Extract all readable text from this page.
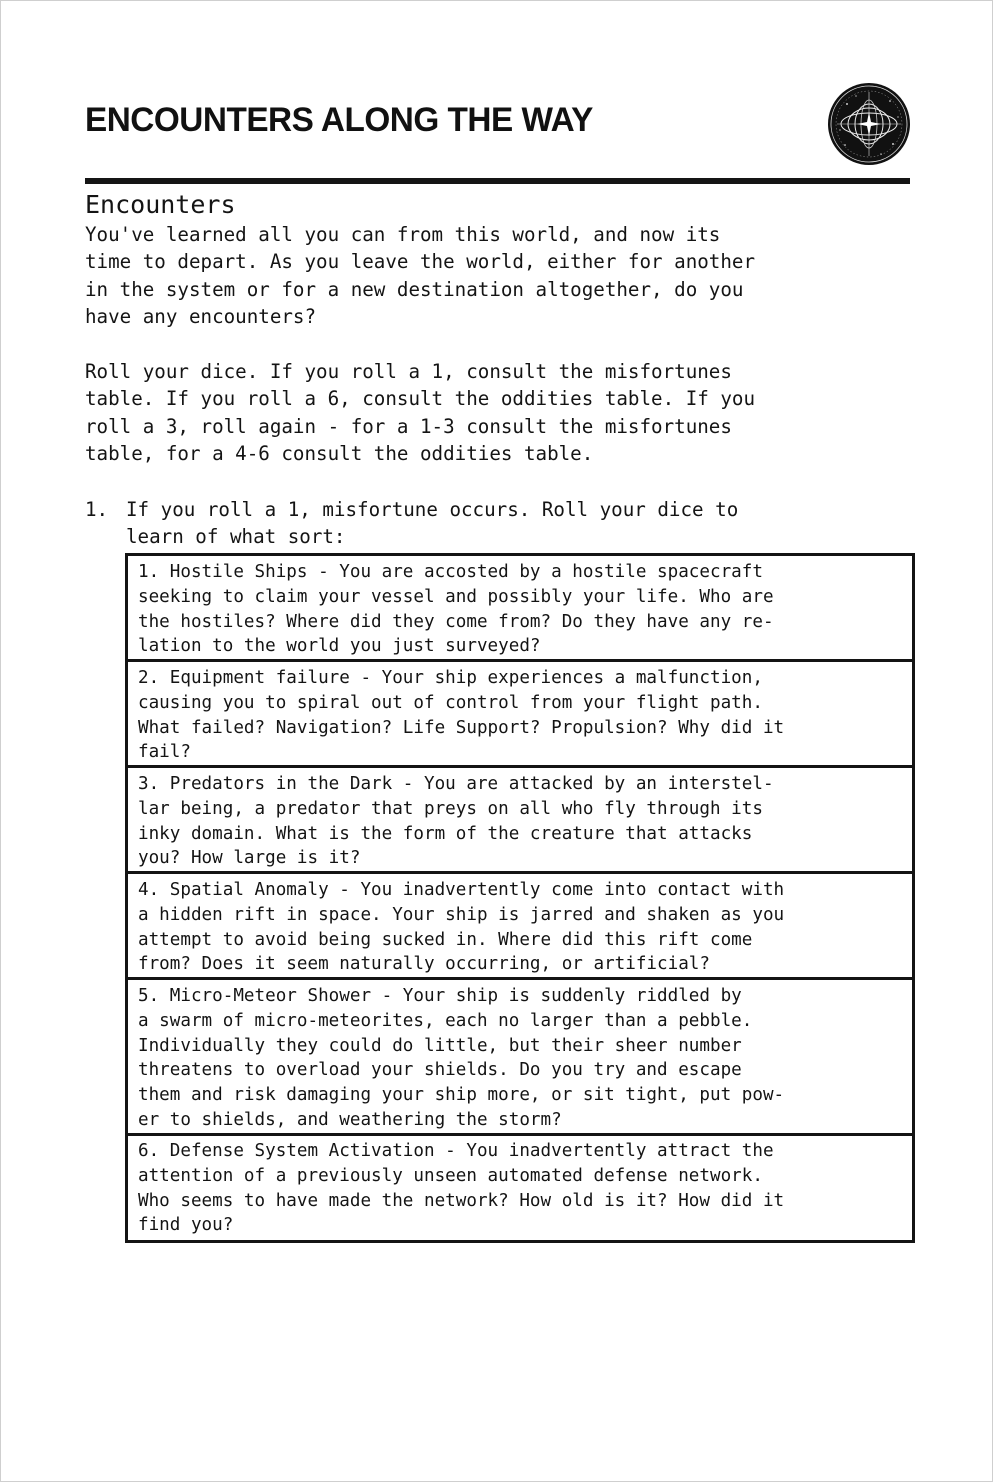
ENCOUNTERS ALONG THE WAY
Encounters

You've learned all you can from this world, and now its
time to depart. As you leave the world, either for another
in the system or for a new destination altogether, do you
have any encounters?

Roll your dice. If you roll a 1, consult the misfortunes
table. If you roll a 6, consult the oddities table. If you
roll a 3, roll again - for a 1-3 consult the misfortunes
table, for a 4-6 consult the oddities table.

1. If you roll a 1, misfortune occurs. Roll your dice to
learn of what sort:

1. Hostile Ships - You are accosted by a hostile spacecraft
seeking to claim your vessel and possibly your life. Who are
the hostiles? Where did they come from? Do they have any re-
lation to the world you just surveyed?
2. Equipment failure - Your ship experiences a malfunction,
causing you to spiral out of control from your flight path.
What failed? Navigation? Life Support? Propulsion? Why did it
fail?
3. Predators in the Dark - You are attacked by an interstel-
lar being, a predator that preys on all who fly through its
inky domain. What is the form of the creature that attacks
you? How large is it?
4. Spatial Anomaly - You inadvertently come into contact with
a hidden rift in space. Your ship is jarred and shaken as you
attempt to avoid being sucked in. Where did this rift come
from? Does it seem naturally occurring, or artificial?
5. Micro-Meteor Shower - Your ship is suddenly riddled by
a swarm of micro-meteorites, each no larger than a pebble.
Individually they could do little, but their sheer number
threatens to overload your shields. Do you try and escape
them and risk damaging your ship more, or sit tight, put pow-
er to shields, and weathering the storm?
6. Defense System Activation - You inadvertently attract the
attention of a previously unseen automated defense network.
Who seems to have made the network? How old is it? How did it
find you?
